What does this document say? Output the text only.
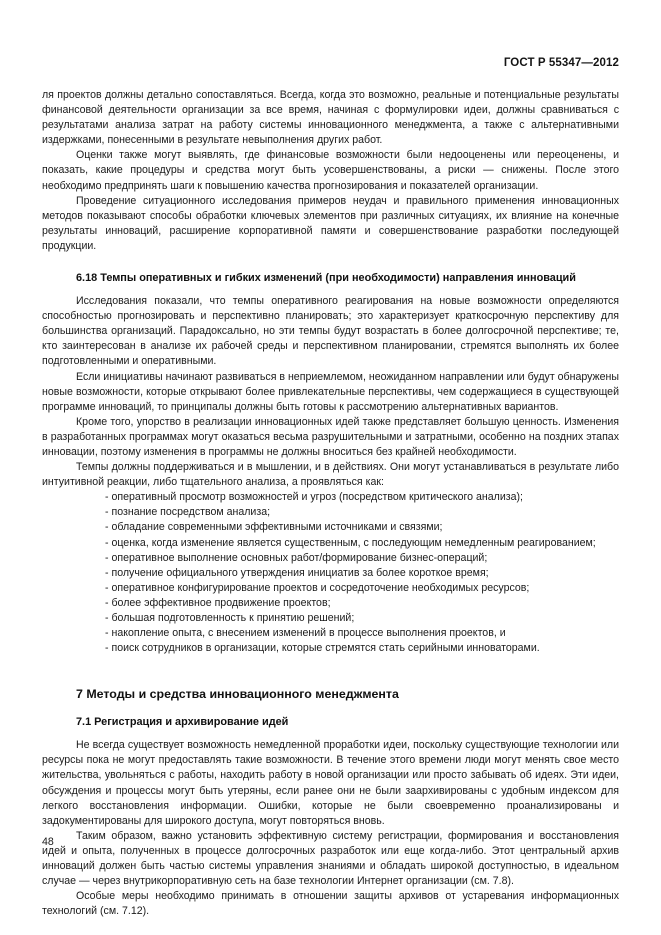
ГОСТ Р 55347—2012

ля проектов должны детально сопоставляться. Всегда, когда это возможно, реальные и потенциальные результаты финансовой деятельности организации за все время, начиная с формулировки идеи, должны сравниваться с результатами анализа затрат на работу системы инновационного менеджмента, а также с альтернативными издержками, понесенными в результате невыполнения других работ.

Оценки также могут выявлять, где финансовые возможности были недооценены или переоценены, и показать, какие процедуры и средства могут быть усовершенствованы, а риски — снижены. После этого необходимо предпринять шаги к повышению качества прогнозирования и показателей организации.

Проведение ситуационного исследования примеров неудач и правильного применения инновационных методов показывают способы обработки ключевых элементов при различных ситуациях, их влияние на конечные результаты инноваций, расширение корпоративной памяти и совершенствование разработки последующей продукции.

6.18 Темпы оперативных и гибких изменений (при необходимости) направления инноваций

Исследования показали, что темпы оперативного реагирования на новые возможности определяются способностью прогнозировать и перспективно планировать; это характеризует краткосрочную перспективу для большинства организаций. Парадоксально, но эти темпы будут возрастать в более долгосрочной перспективе; те, кто заинтересован в анализе их рабочей среды и перспективном планировании, стремятся выполнять их более подготовленными и оперативными.

Если инициативы начинают развиваться в неприемлемом, неожиданном направлении или будут обнаружены новые возможности, которые открывают более привлекательные перспективы, чем содержащиеся в существующей программе инноваций, то принципалы должны быть готовы к рассмотрению альтернативных вариантов.

Кроме того, упорство в реализации инновационных идей также представляет большую ценность. Изменения в разработанных программах могут оказаться весьма разрушительными и затратными, особенно на поздних этапах инновации, поэтому изменения в программы не должны вноситься без крайней необходимости.

Темпы должны поддерживаться и в мышлении, и в действиях. Они могут устанавливаться в результате либо интуитивной реакции, либо тщательного анализа, а проявляться как:

- оперативный просмотр возможностей и угроз (посредством критического анализа);
- познание посредством анализа;
- обладание современными эффективными источниками и связями;
- оценка, когда изменение является существенным, с последующим немедленным реагированием;
- оперативное выполнение основных работ/формирование бизнес-операций;
- получение официального утверждения инициатив за более короткое время;
- оперативное конфигурирование проектов и сосредоточение необходимых ресурсов;
- более эффективное продвижение проектов;
- большая подготовленность к принятию решений;
- накопление опыта, с внесением изменений в процессе выполнения проектов, и
- поиск сотрудников в организации, которые стремятся стать серийными инноваторами.
7 Методы и средства инновационного менеджмента
7.1 Регистрация и архивирование идей

Не всегда существует возможность немедленной проработки идеи, поскольку существующие технологии или ресурсы пока не могут предоставлять такие возможности. В течение этого времени люди могут менять свое место жительства, увольняться с работы, находить работу в новой организации или просто забывать об идеях. Эти идеи, обсуждения и процессы могут быть утеряны, если ранее они не были заархивированы с удобным индексом для легкого восстановления информации. Ошибки, которые не были своевременно проанализированы и задокументированы для широкого доступа, могут повторяться вновь.

Таким образом, важно установить эффективную систему регистрации, формирования и восстановления идей и опыта, полученных в процессе долгосрочных разработок или еще когда-либо. Этот центральный архив инноваций должен быть частью системы управления знаниями и обладать широкой доступностью, в идеальном случае — через внутрикорпоративную сеть на базе технологии Интернет организации (см. 7.8).

Особые меры необходимо принимать в отношении защиты архивов от устаревания информационных технологий (см. 7.12).

48
